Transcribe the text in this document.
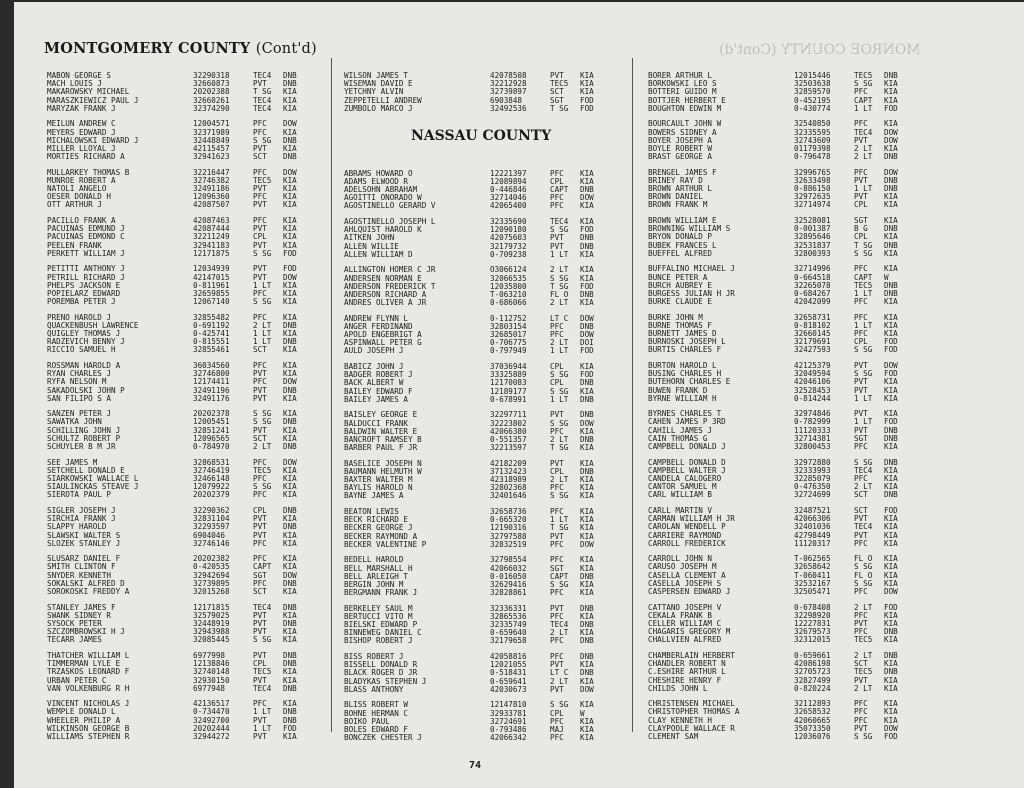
MONROE COUNTY (Cont'd)
MONTGOMERY COUNTY (Cont'd)
NASSAU COUNTY
MABON GEORGE S	32290318	TEC4	DNB
MACH LOUIS J	32660873	PVT	DNB
MAKAROWSKY MICHAEL	20202388	T SG	KIA
MARASZKIEWICZ PAUL J	32660261	TEC4	KIA
MARYZAK FRANK J	32374290	TEC4	KIA
MEILUN ANDREW C	12004571	PFC	DOW
MEYERS EDWARD J	32371989	PFC	KIA
MICHALOWSKI EDWARD J	32448849	S SG	DNB
MILLER LLOYAL J	42115457	PVT	KIA
MORTIES RICHARD A	32941623	SCT	DNB
MULLARKEY THOMAS B	32216447	PFC	DOW
MUNROE ROBERT A	32746382	TEC5	KIA
NATOLI ANGELO	32491186	PVT	KIA
OESER DONALD H	12096360	PFC	KIA
OTT ARTHUR J	42087507	PVT	KIA
PACILLO FRANK A	42087463	PFC	KIA
PACUINAS EDMUND J	42087444	PVT	KIA
PACUINAS EDMOND C	32211249	CPL	KIA
PEELEN FRANK	32941183	PVT	KIA
PERKETT WILLIAM J	12171875	S SG	FOD
PETITTI ANTHONY J	12034939	PVT	FOD
PETRILL RICHARD J	42147015	PVT	DOW
PHELPS JACKSON E	0-811961	1 LT	KIA
POPIELARZ EDWARD	32659855	PFC	KIA
POREMBA PETER J	12067140	S SG	KIA
PRENO HAROLD J	32855482	PFC	KIA
QUACKENBUSH LAWRENCE	0-691192	2 LT	DNB
QUIGLEY THOMAS J	0-425741	1 LT	KIA
RADZEVICH BENNY J	0-815551	1 LT	DNB
RICCIO SAMUEL H	32855461	SCT	KIA
ROSSMAN HAROLD A	36034560	PFC	KIA
RYAN CHARLES J	32746800	PVT	KIA
RYFA NELSON M	12174411	PFC	DOW
SAKADOLSKI JOHN P	32491196	PVT	DNB
SAN FILIPO S A	32491176	PVT	KIA
SANZEN PETER J	20202378	S SG	KIA
SAWATKA JOHN	12005451	S SG	DNB
SCHILLING JOHN J	32851241	PVT	KIA
SCHULTZ ROBERT P	12096565	SCT	KIA
SCHUYLER B M JR	0-784970	2 LT	DNB
SEE JAMES M	32868531	PFC	DOW
SETCHELL DONALD E	32746419	TEC5	KIA
SIARKOWSKI WALLACE L	32466148	PFC	KIA
SIAULINCKAS STEAVE J	12079922	S SG	KIA
SIEROTA PAUL P	20202379	PFC	KIA
SIGLER JOSEPH J	32290362	CPL	DNB
SIRCHIA FRANK J	32831104	PVT	KIA
SLAPPY HAROLD	32293597	PVT	DNB
SLAWSKI WALTER S	6904046	PVT	KIA
SLOZEK STANLEY J	32746146	PFC	KIA
SLUSARZ DANIEL F	20202382	PFC	KIA
SMITH CLINTON F	0-420535	CAPT	KIA
SNYDER KENNETH	32942694	SGT	DOW
SOKALSKI ALFRED D	32739895	PFC	DNB
SOROKOSKI FREDDY A	32015268	SCT	KIA
STANLEY JAMES F	12171815	TEC4	DNB
SWANK SIDNEY R	32579025	PVT	KIA
SYSOCK PETER	32448919	PVT	DNB
SZCZOMBROWSKI H J	32943988	PVT	KIA
TECARR JAMES	32085445	S SG	KIA
THATCHER WILLIAM L	6977998	PVT	DNB
TIMMERMAN LYLE E	12138846	CPL	DNB
TRZASKOS LEONARD F	32740148	TEC5	KIA
URBAN PETER C	32930150	PVT	KIA
VAN VOLKENBURG R H	6977948	TEC4	DNB
VINCENT NICHOLAS J	42136517	PFC	KIA
WEMPLE DONALD L	0-734470	1 LT	DNB
WHEELER PHILIP A	32492700	PVT	DNB
WILKINSON GEORGE B	20202444	1 LT	FOD
WILLIAMS STEPHEN R	32944272	PVT	KIA
WILSON JAMES T	42078508	PVT	KIA
WISEMAN DAVID E	32212928	TEC5	KIA
YETCHNY ALVIN	32739897	SCT	KIA
ZEPPETELLI ANDREW	6903848	SGT	FOD
ZUMBOLO MARCO J	32492536	T SG	FOD
ABRAMS HOWARD O	12221397	PFC	KIA
ADAMS ELWOOD R	12089894	CPL	KIA
ADELSOHN ABRAHAM	0-446846	CAPT	DNB
AGOITTI ONORADO W	32714046	PFC	DOW
AGOSTINELLO GERARD V	42065400	PFC	KIA
AGOSTINELLO JOSEPH L	32335690	TEC4	KIA
AHLQUIST HAROLD K	12090180	S SG	FOD
AITKEN JOHN	42075603	PVT	DNB
ALLEN WILLIE	32179732	PVT	DNB
ALLEN WILLIAM D	0-709238	1 LT	KIA
ALLINGTON HOMER C JR	O3066124	2 LT	KIA
ANDERSEN NORMAN E	32066535	S SG	KIA
ANDERSON FREDERICK T	12035800	T SG	FOD
ANDERSON RICHARD A	T-063210	FL O	DNB
ANDRES OLIVER A JR	0-686066	2 LT	KIA
ANDREW FLYNN L	0-112752	LT C	DOW
ANGER FERDINAND	32803154	PFC	DNB
APOLD ENGEBRIGT A	32685017	PFC	DOW
ASPINWALL PETER G	0-706775	2 LT	DOI
AULD JOSEPH J	0-797949	1 LT	FOD
BABICZ JOHN J	37036944	CPL	KIA
BADGER ROBERT J	33325889	S SG	FOD
BACK ALBERT W	12170083	CPL	DNB
BAILEY EDWARD F	12189177	S SG	KIA
BAILEY JAMES A	0-678991	1 LT	DNB
BAISLEY GEORGE E	32297711	PVT	DNB
BALDUCCI FRANK	32223802	S SG	DOW
BALDWIN WALTER E	42066380	PFC	KIA
BANCROFT RAMSEY B	0-551357	2 LT	DNB
BARBER PAUL F JR	32213597	T SG	KIA
BASELICE JOSEPH N	42182209	PVT	KIA
BAUMANN HELMUTH W	37132423	CPL	DNB
BAXTER WALTER M	42318989	2 LT	KIA
BAYLIS HAROLD N	32802368	PFC	KIA
BAYNE JAMES A	32401646	S SG	KIA
BEATON LEWIS	32658736	PFC	KIA
BECK RICHARD E	0-665320	1 LT	KIA
BECKER GEORGE J	12190316	T SG	KIA
BECKER RAYMOND A	32797588	PVT	KIA
BECKER VALENTINE P	32832519	PFC	DOW
BEDELL HAROLD	32798554	PFC	KIA
BELL MARSHALL H	42066032	SGT	KIA
BELL ARLEIGH T	0-016050	CAPT	DNB
BERGIN JOHN M	32629416	S SG	KIA
BERGMANN FRANK J	32828861	PFC	KIA
BERKELEY SAUL M	32336331	PVT	DNB
BERTUCCI VITO M	32865536	PFC	KIA
BIELSKI EDWARD P	32335749	TEC4	DNB
BINNEWEG DANIEL C	0-659640	2 LT	KIA
BISHOP ROBERT J	32179658	PFC	DNB
BISS ROBERT J	42058816	PFC	DNB
BISSELL DONALD R	12021055	PVT	KIA
BLACK ROGER D JR	0-518431	LT C	DNB
BLADYKAS STEPHEN J	0-659641	2 LT	KIA
BLASS ANTHONY	42030673	PVT	DOW
BLISS ROBERT W	12147810	S SG	KIA
BOHNE HERMAN C	32933781	CPL	W
BOIKO PAUL	32724691	PFC	KIA
BOLES EDWARD F	0-793486	MAJ	KIA
BONCZEK CHESTER J	42066342	PFC	KIA
BORER ARTHUR L	12015446	TEC5	DNB
BORKOWSKI LEO S	32503638	S SG	KIA
BOTTERI GUIDO M	32859570	PFC	KIA
BOTTJER HERBERT E	0-452195	CAPT	KIA
BOUGHTON EDWIN M	0-430774	1 LT	FOD
BOURCAULT JOHN W	32540850	PFC	KIA
BOWERS SIDNEY A	32335595	TEC4	DOW
BOYER JOSEPH A	32743609	PVT	DOW
BOYLE ROBERT W	01179398	2 LT	KIA
BRAST GEORGE A	0-796478	2 LT	DNB
BRENGEL JAMES F	32996765	PFC	DOW
BRINEY RAY D	32633498	PVT	DNB
BROWN ARTHUR L	0-886150	1 LT	DNB
BROWN DANIEL	32972635	PVT	KIA
BROWN FRANK M	32714974	CPL	KIA
BROWN WILLIAM E	32528081	SGT	KIA
BROWNING WILLIAM S	0-001387	B G	DNB
BRYON DONALD P	32895646	CPL	KIA
BUBEK FRANCES L	32531837	T SG	DNB
BUEFFEL ALFRED	32800393	S SG	KIA
BUFFALINO MICHAEL J	32714996	PFC	KIA
BUNCE PETER A	0-664518	CAPT	W
BURCH AUBREY E	32265078	TEC5	DNB
BURGESS JULIAN H JR	0-684267	1 LT	DNB
BURKE CLAUDE E	42042099	PFC	KIA
BURKE JOHN M	32658731	PFC	KIA
BURNE THOMAS F	0-818102	1 LT	KIA
BURNETT JAMES D	32660145	PFC	KIA
BURNOSKI JOSEPH L	32179691	CPL	FOD
BURTIS CHARLES F	32427593	S SG	FOD
BURTON HAROLD L	42125379	PVT	DOW
BUSING CHARLES H	32049594	S SG	FOD
BUTEHORN CHARLES E	42046106	PVT	KIA
BUWEN FRANK D	32528453	PVT	KIA
BYRNE WILLIAM H	0-814244	1 LT	KIA
BYRNES CHARLES T	32974846	PVT	KIA
CAHEN JAMES P 3RD	0-782999	1 LT	FOD
CAHILL JAMES J	11120333	PVT	DNB
CAIN THOMAS G	32714381	SGT	DNB
CAMPBELL DONALD J	32800453	PFC	KIA
CAMPBELL DONALD D	32972880	S SG	DNB
CAMPBELL WALTER J	32333993	TEC4	KIA
CANDELA CALOGERO	32285079	PFC	KIA
CANTOR SAMUEL M	0-476350	2 LT	KIA
CARL WILLIAM B	32724699	SCT	DNB
CARLL MARTIN V	32487521	SCT	FOD
CARMAN WILLIAM H JR	42066306	PVT	KIA
CAROLAN WENDELL P	32401036	TEC4	KIA
CARRIERE RAYMOND	42798449	PVT	KIA
CARROLL FREDERICK	11120317	PFC	KIA
CARROLL JOHN N	T-062565	FL O	KIA
CARUSO JOSEPH M	32658642	S SG	KIA
CASELLA CLEMENT A	T-060411	FL O	KIA
CASELLA JOSEPH S	32532167	S SG	KIA
CASPERSEN EDWARD J	32505471	PFC	DOW
CATTANO JOSEPH V	0-678408	2 LT	FOD
CEKALA FRANK B	32298920	PFC	KIA
CELLER WILLIAM C	12227831	PVT	KIA
CHAGARIS GREGORY M	32679573	PFC	DNB
CHALLVIEN ALFRED	32312015	TEC5	KIA
CHAMBERLAIN HERBERT	0-659661	2 LT	DNB
CHANDLER ROBERT N	42086198	SCT	KIA
C.ESHIRE ARTHUR L	32705723	TEC5	DNB
CHESHIRE HENRY F	32827499	PVT	KIA
CHILDS JOHN L	0-820224	2 LT	KIA
CHRISTENSEN MICHAEL	32112893	PFC	KIA
CHRISTOPHER THOMAS A	32658532	PFC	KIA
CLAY KENNETH H	42060665	PFC	KIA
CLAYPOOLE WALLACE R	35073350	PVT	DOW
CLEMENT SAM	12036076	S SG	FOD
74
